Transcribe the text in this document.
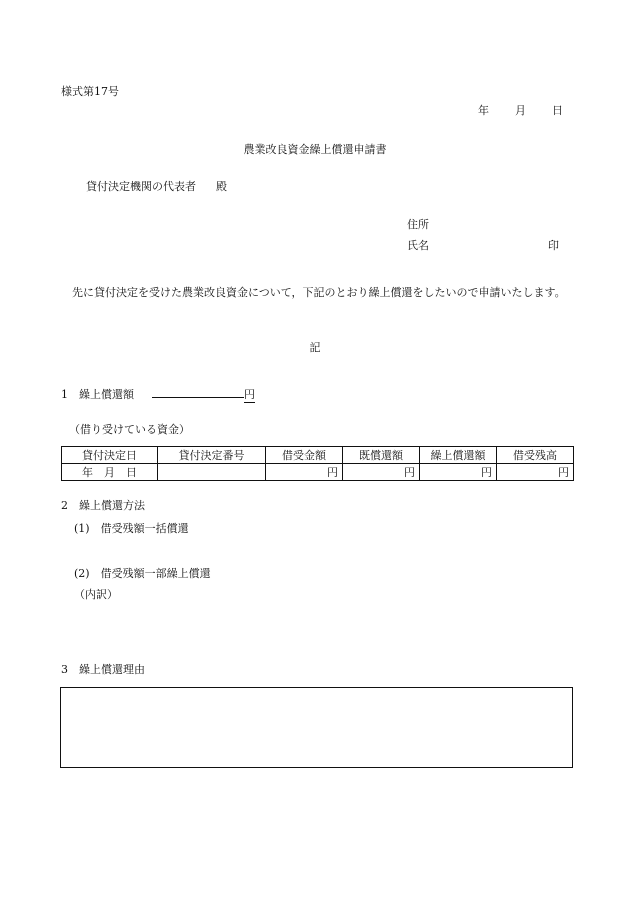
様式第17号
年 月 日
農業改良資金繰上償還申請書
貸付決定機関の代表者 殿
住所
氏名	印
　先に貸付決定を受けた農業改良資金について，下記のとおり繰上償還をしたいので申請いたします。
記
1　繰上償還額	円
（借り受けている資金）
貸付決定日	貸付決定番号	借受金額	既償還額	繰上償還額	借受残高
年　月　日		円	円	円	円
2　繰上償還方法
(1)　借受残額一括償還
(2)　借受残額一部繰上償還
（内訳）
3　繰上償還理由
